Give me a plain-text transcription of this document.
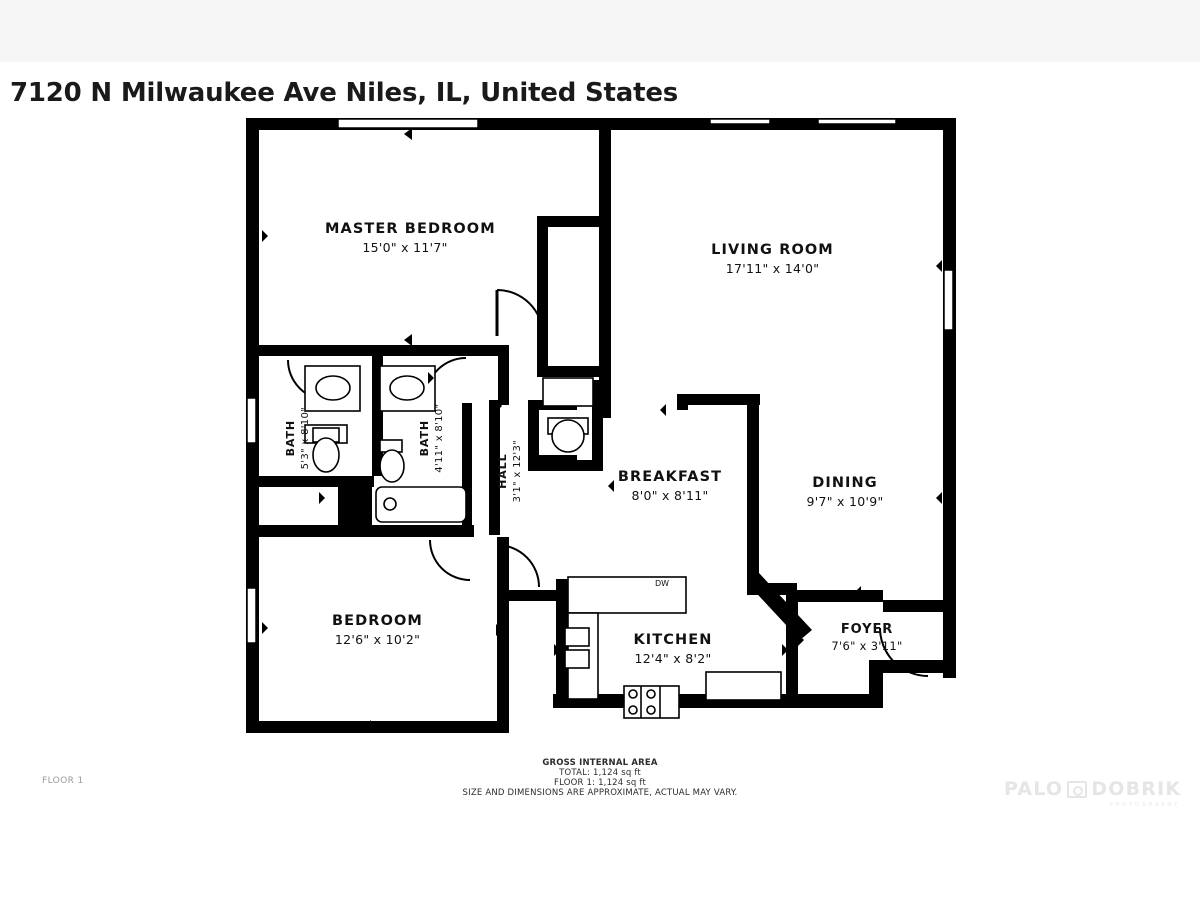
7120 N Milwaukee Ave Niles, IL, United States
FLOOR 1
DW
MASTER BEDROOM
15'0" x 11'7"	LIVING ROOM
17'11" x 14'0"
BATH 5'3" x 8'10"	BATH 4'11" x 8'10"	HALL 3'1" x 12'3"	BREAKFAST
8'0" x 8'11"
DINING
9'7" x 10'9"
BEDROOM
12'6" x 10'2"	KITCHEN
12'4" x 8'2"
FOYER
7'6" x 3'11"
GROSS INTERNAL AREA
TOTAL: 1,124 sq ft
FLOOR 1: 1,124 sq ft
SIZE AND DIMENSIONS ARE APPROXIMATE, ACTUAL MAY VARY.	PALO DOBRIK
PHOTOGRAPHY
